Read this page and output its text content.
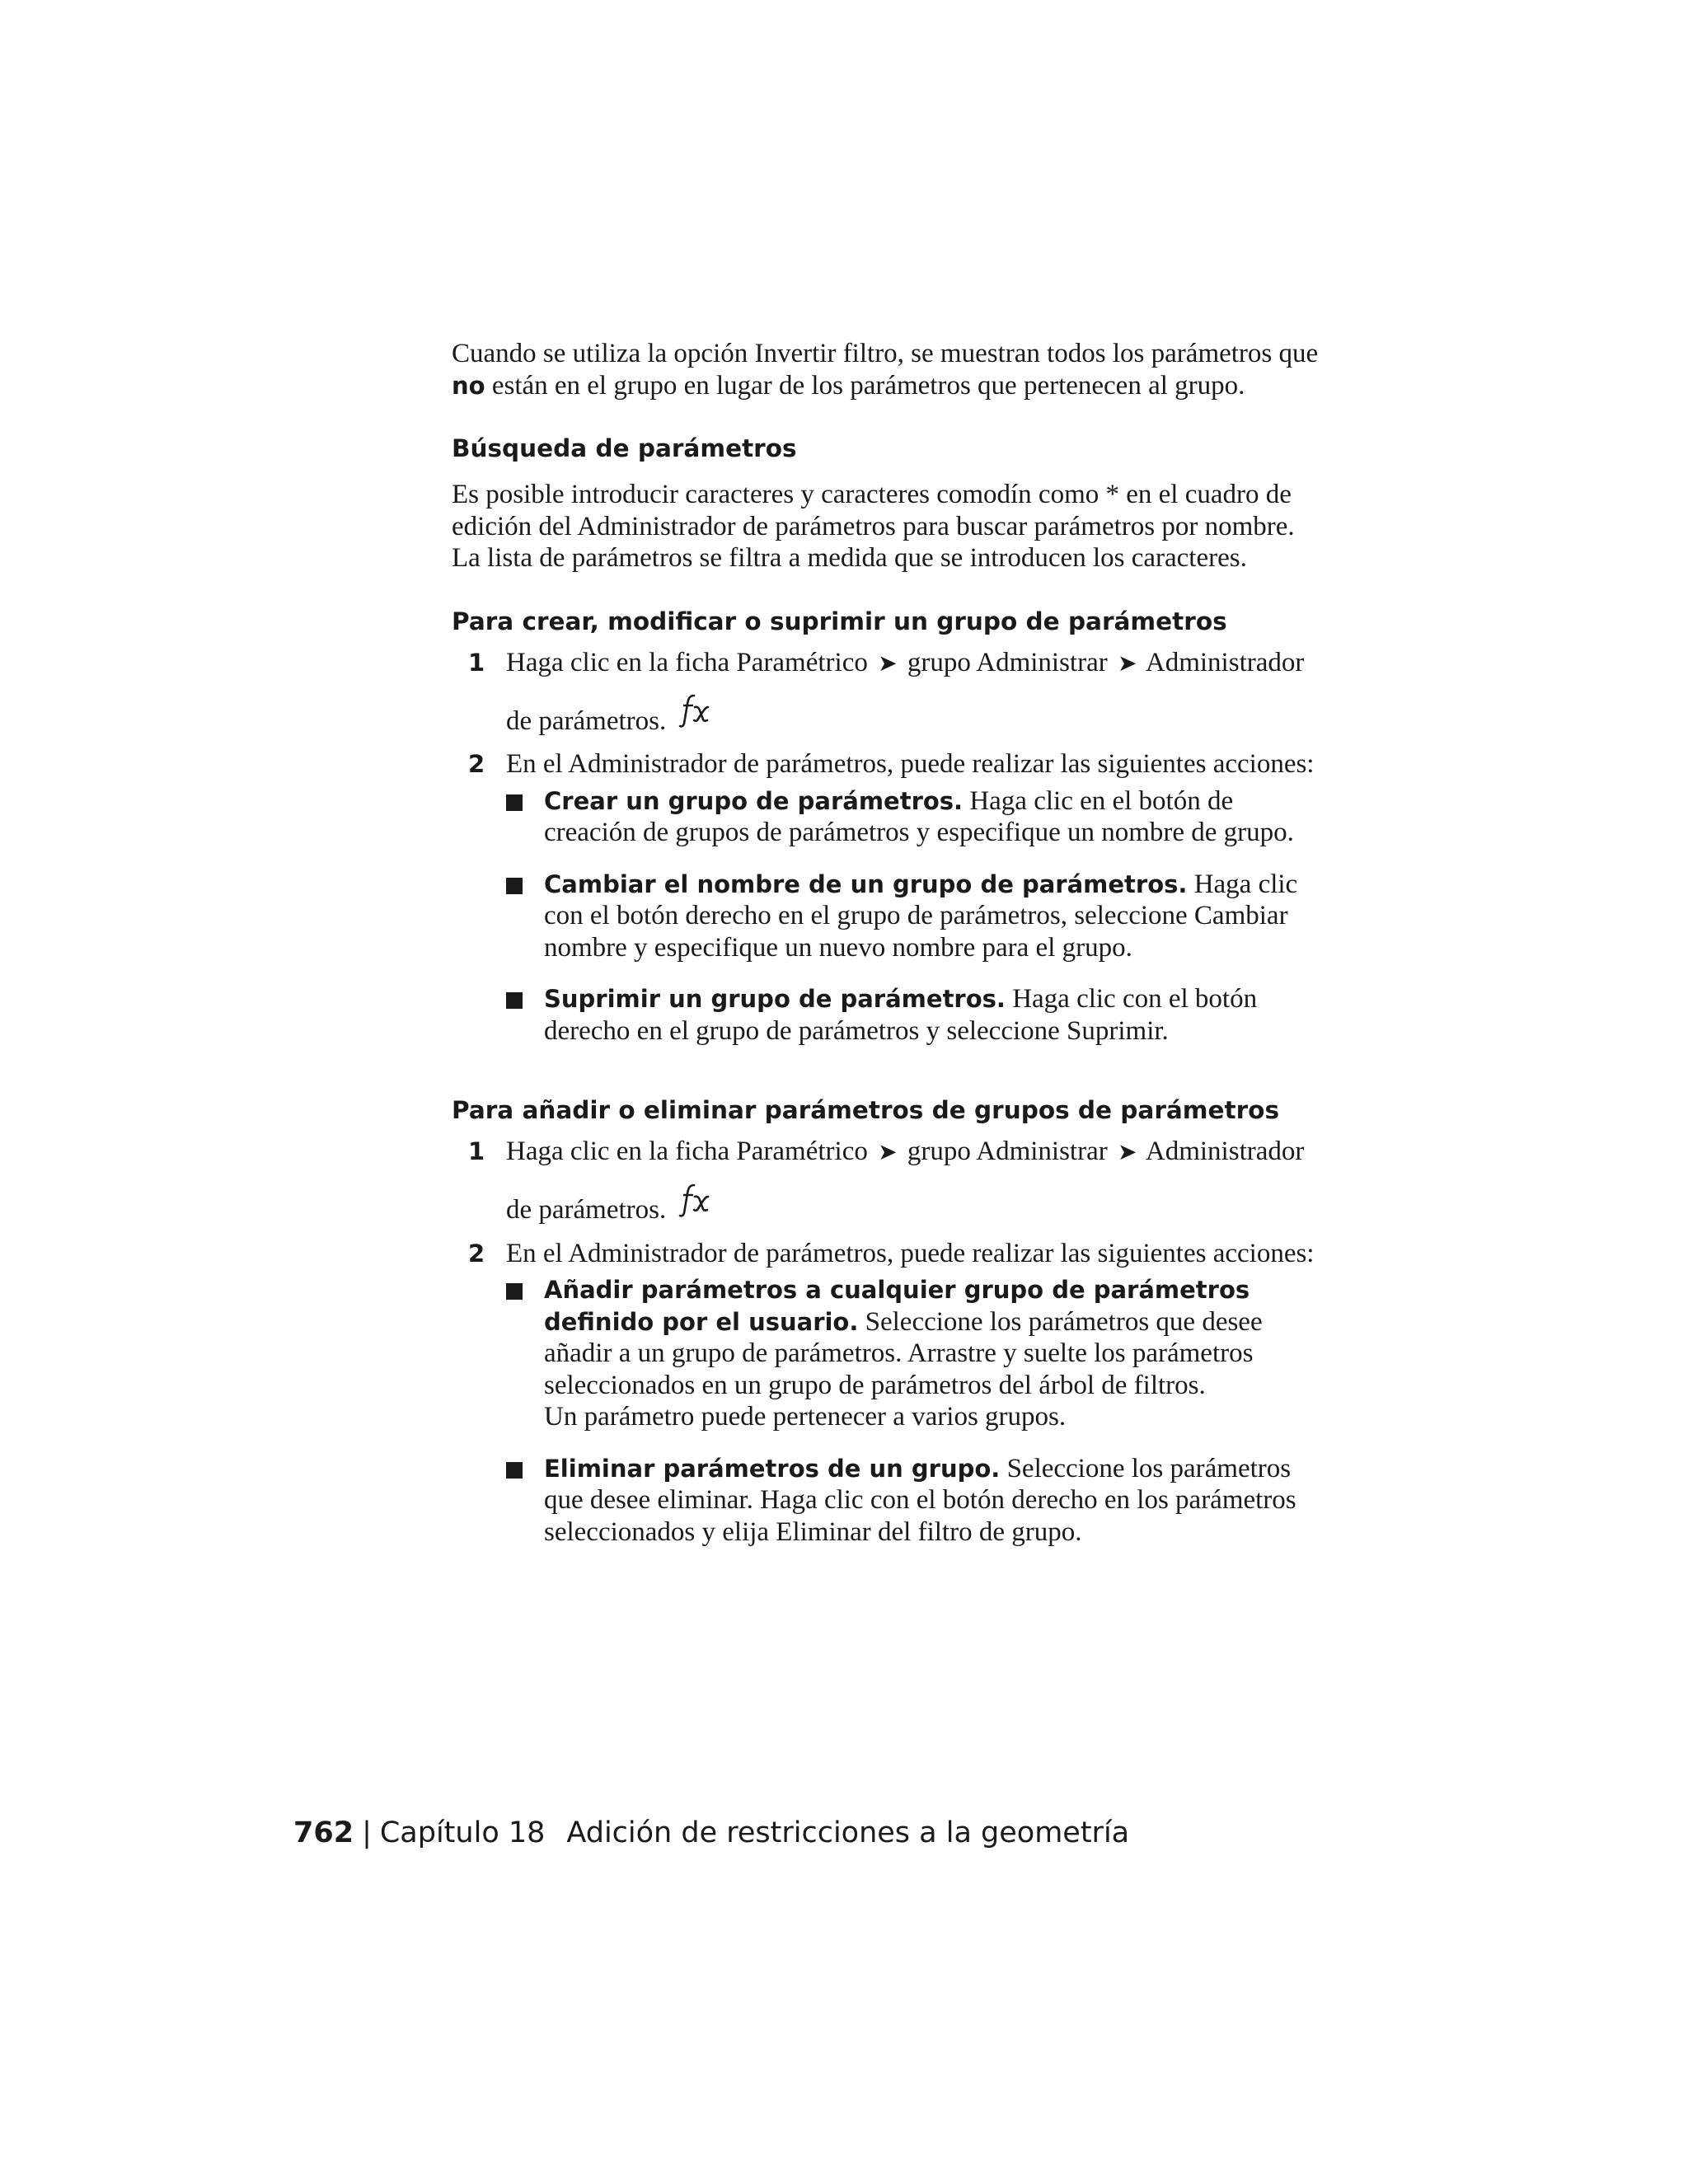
Cuando se utiliza la opción Invertir filtro, se muestran todos los parámetros que no están en el grupo en lugar de los parámetros que pertenecen al grupo.

Búsqueda de parámetros

Es posible introducir caracteres y caracteres comodín como * en el cuadro de edición del Administrador de parámetros para buscar parámetros por nombre. La lista de parámetros se filtra a medida que se introducen los caracteres.

Para crear, modificar o suprimir un grupo de parámetros
1 Haga clic en la ficha Paramétrico ➤ grupo Administrar ➤ Administrador
de parámetros.
2 En el Administrador de parámetros, puede realizar las siguientes acciones:
Crear un grupo de parámetros. Haga clic en el botón de creación de grupos de parámetros y especifique un nombre de grupo.
Cambiar el nombre de un grupo de parámetros. Haga clic con el botón derecho en el grupo de parámetros, seleccione Cambiar nombre y especifique un nuevo nombre para el grupo.
Suprimir un grupo de parámetros. Haga clic con el botón derecho en el grupo de parámetros y seleccione Suprimir.
Para añadir o eliminar parámetros de grupos de parámetros
1 Haga clic en la ficha Paramétrico ➤ grupo Administrar ➤ Administrador
de parámetros.
2 En el Administrador de parámetros, puede realizar las siguientes acciones:
Añadir parámetros a cualquier grupo de parámetros definido por el usuario. Seleccione los parámetros que desee añadir a un grupo de parámetros. Arrastre y suelte los parámetros seleccionados en un grupo de parámetros del árbol de filtros.
Un parámetro puede pertenecer a varios grupos.
Eliminar parámetros de un grupo. Seleccione los parámetros que desee eliminar. Haga clic con el botón derecho en los parámetros seleccionados y elija Eliminar del filtro de grupo.
762 | Capítulo 18 Adición de restricciones a la geometría
